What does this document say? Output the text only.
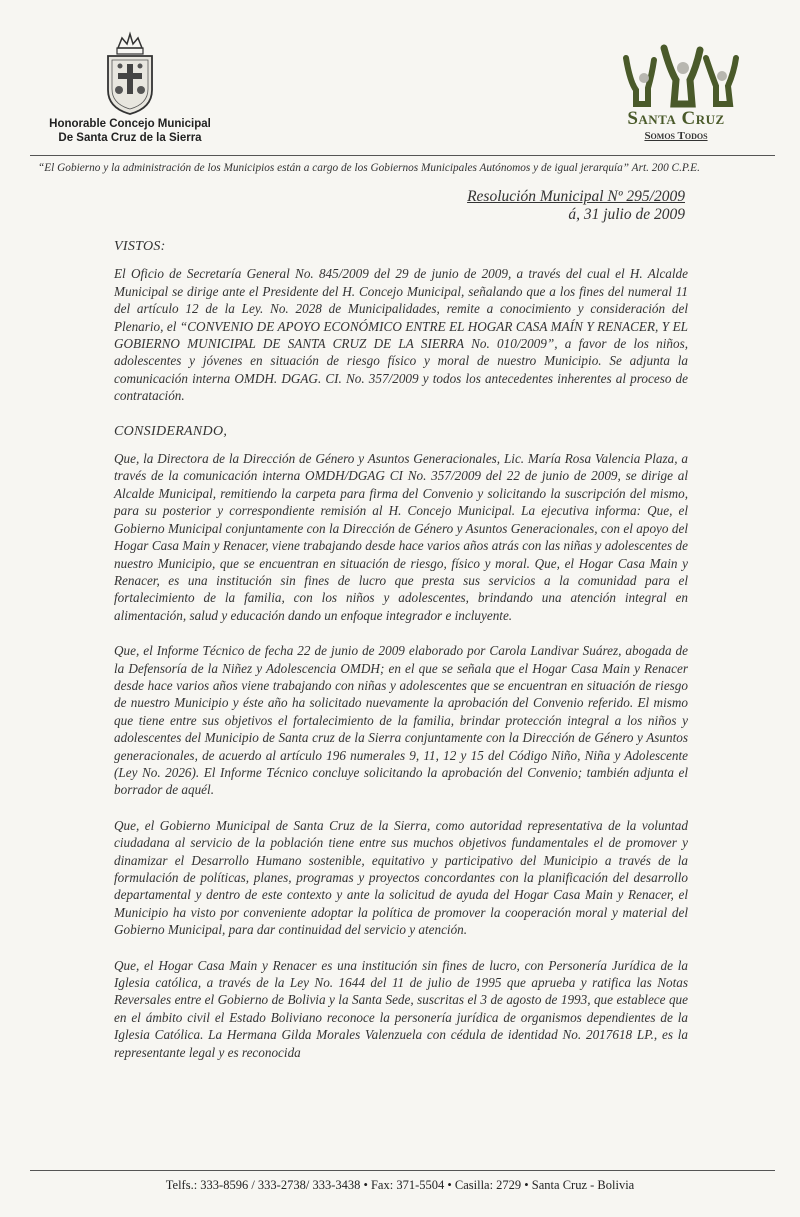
Honorable Concejo Municipal
De Santa Cruz de la Sierra
Santa Cruz
Somos Todos
“El Gobierno y la administración de los Municipios están a cargo de los Gobiernos Municipales Autónomos y de igual jerarquía” Art. 200 C.P.E.
Resolución Municipal Nº 295/2009
á, 31 julio de 2009
VISTOS:

El Oficio de Secretaría General No. 845/2009 del 29 de junio de 2009, a través del cual el H. Alcalde Municipal se dirige ante el Presidente del H. Concejo Municipal, señalando que a los fines del numeral 11 del artículo 12 de la Ley. No. 2028 de Municipalidades, remite a conocimiento y consideración del Plenario, el “CONVENIO DE APOYO ECONÓMICO ENTRE EL HOGAR CASA MAÍN Y RENACER, Y EL GOBIERNO MUNICIPAL DE SANTA CRUZ DE LA SIERRA No. 010/2009”, a favor de los niños, adolescentes y jóvenes en situación de riesgo físico y moral de nuestro Municipio. Se adjunta la comunicación interna OMDH. DGAG. CI. No. 357/2009 y todos los antecedentes inherentes al proceso de contratación.

CONSIDERANDO,

Que, la Directora de la Dirección de Género y Asuntos Generacionales, Lic. María Rosa Valencia Plaza, a través de la comunicación interna OMDH/DGAG CI No. 357/2009 del 22 de junio de 2009, se dirige al Alcalde Municipal, remitiendo la carpeta para firma del Convenio y solicitando la suscripción del mismo, para su posterior y correspondiente remisión al H. Concejo Municipal. La ejecutiva informa: Que, el Gobierno Municipal conjuntamente con la Dirección de Género y Asuntos Generacionales, con el apoyo del Hogar Casa Main y Renacer, viene trabajando desde hace varios años atrás con las niñas y adolescentes de nuestro Municipio, que se encuentran en situación de riesgo, físico y moral. Que, el Hogar Casa Main y Renacer, es una institución sin fines de lucro que presta sus servicios a la comunidad para el fortalecimiento de la familia, con los niños y adolescentes, brindando una atención integral en alimentación, salud y educación dando un enfoque integrador e incluyente.

Que, el Informe Técnico de fecha 22 de junio de 2009 elaborado por Carola Landivar Suárez, abogada de la Defensoría de la Niñez y Adolescencia OMDH; en el que se señala que el Hogar Casa Main y Renacer desde hace varios años viene trabajando con niñas y adolescentes que se encuentran en situación de riesgo de nuestro Municipio y éste año ha solicitado nuevamente la aprobación del Convenio referido. El mismo que tiene entre sus objetivos el fortalecimiento de la familia, brindar protección integral a los niños y adolescentes del Municipio de Santa cruz de la Sierra conjuntamente con la Dirección de Género y Asuntos generacionales, de acuerdo al artículo 196 numerales 9, 11, 12 y 15 del Código Niño, Niña y Adolescente (Ley No. 2026). El Informe Técnico concluye solicitando la aprobación del Convenio; también adjunta el borrador de aquél.

Que, el Gobierno Municipal de Santa Cruz de la Sierra, como autoridad representativa de la voluntad ciudadana al servicio de la población tiene entre sus muchos objetivos fundamentales el de promover y dinamizar el Desarrollo Humano sostenible, equitativo y participativo del Municipio a través de la formulación de políticas, planes, programas y proyectos concordantes con la planificación del desarrollo departamental y dentro de este contexto y ante la solicitud de ayuda del Hogar Casa Main y Renacer, el Municipio ha visto por conveniente adoptar la política de promover la cooperación moral y material del Gobierno Municipal, para dar continuidad del servicio y atención.

Que, el Hogar Casa Main y Renacer es una institución sin fines de lucro, con Personería Jurídica de la Iglesia católica, a través de la Ley No. 1644 del 11 de julio de 1995 que aprueba y ratifica las Notas Reversales entre el Gobierno de Bolivia y la Santa Sede, suscritas el 3 de agosto de 1993, que establece que en el ámbito civil el Estado Boliviano reconoce la personería jurídica de organismos dependientes de la Iglesia Católica. La Hermana Gilda Morales Valenzuela con cédula de identidad No. 2017618 LP., es la representante legal y es reconocida

Telfs.: 333-8596 / 333-2738/ 333-3438 • Fax: 371-5504 • Casilla: 2729 • Santa Cruz - Bolivia
